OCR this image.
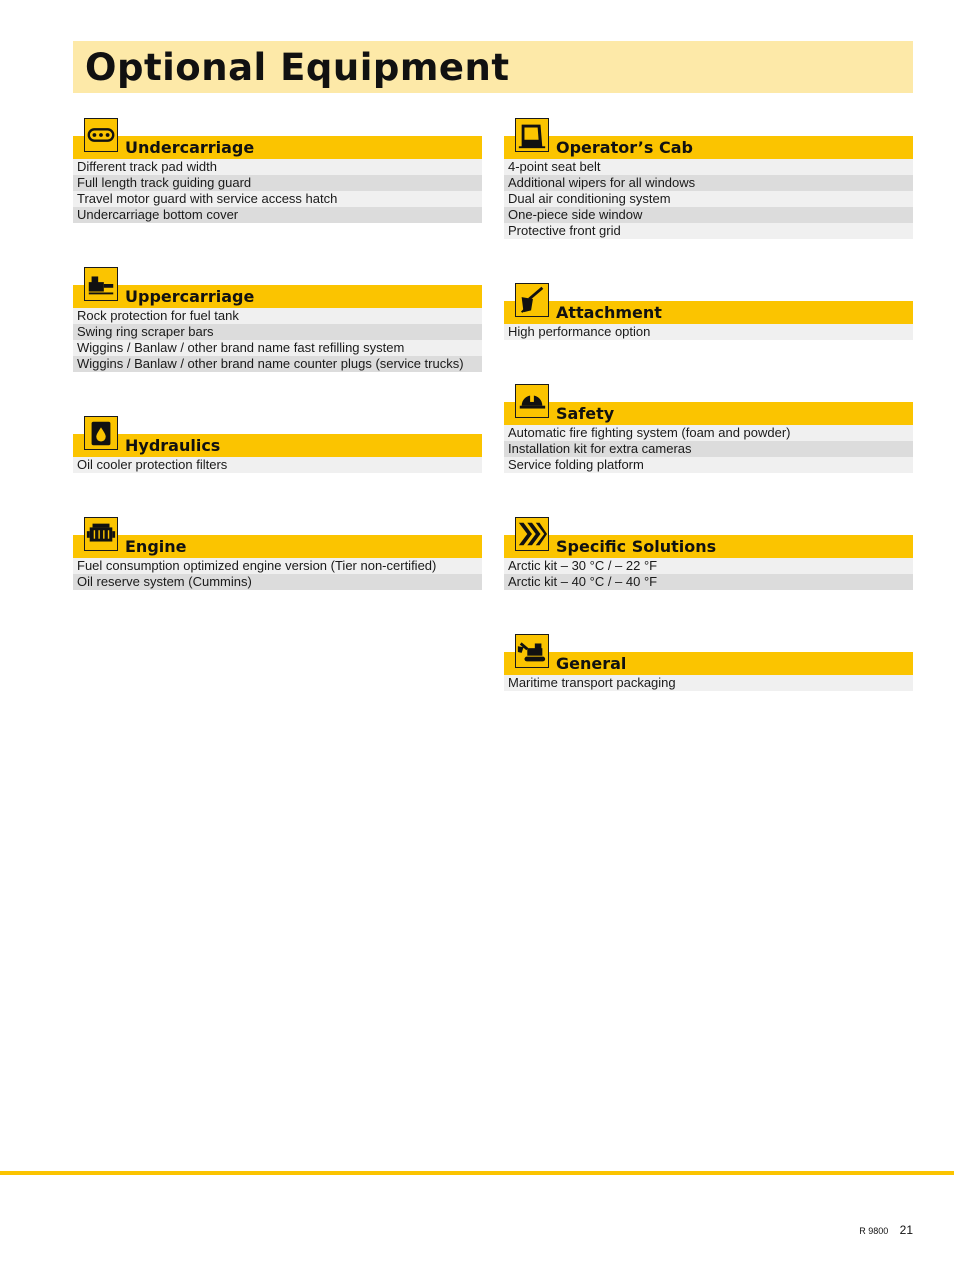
Optional Equipment
Undercarriage
Different track pad width
Full length track guiding guard
Travel motor guard with service access hatch
Undercarriage bottom cover
Uppercarriage
Rock protection for fuel tank
Swing ring scraper bars
Wiggins / Banlaw / other brand name fast refilling system
Wiggins / Banlaw / other brand name counter plugs (service trucks)
Hydraulics
Oil cooler protection filters
Engine
Fuel consumption optimized engine version (Tier non-certified)
Oil reserve system (Cummins)
Operator’s Cab
4-point seat belt
Additional wipers for all windows
Dual air conditioning system
One-piece side window
Protective front grid
Attachment
High performance option
Safety
Automatic fire fighting system (foam and powder)
Installation kit for extra cameras
Service folding platform
Specific Solutions
Arctic kit – 30 °C / – 22 °F
Arctic kit – 40 °C / – 40 °F
General
Maritime transport packaging
R 9800 21
